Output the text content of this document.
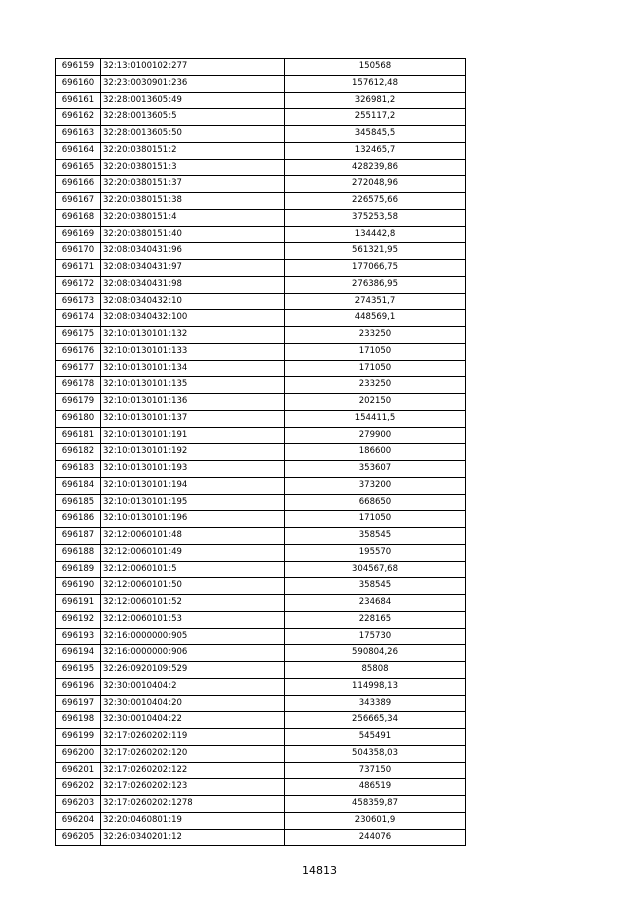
696159	32:13:0100102:277	150568
696160	32:23:0030901:236	157612,48
696161	32:28:0013605:49	326981,2
696162	32:28:0013605:5	255117,2
696163	32:28:0013605:50	345845,5
696164	32:20:0380151:2	132465,7
696165	32:20:0380151:3	428239,86
696166	32:20:0380151:37	272048,96
696167	32:20:0380151:38	226575,66
696168	32:20:0380151:4	375253,58
696169	32:20:0380151:40	134442,8
696170	32:08:0340431:96	561321,95
696171	32:08:0340431:97	177066,75
696172	32:08:0340431:98	276386,95
696173	32:08:0340432:10	274351,7
696174	32:08:0340432:100	448569,1
696175	32:10:0130101:132	233250
696176	32:10:0130101:133	171050
696177	32:10:0130101:134	171050
696178	32:10:0130101:135	233250
696179	32:10:0130101:136	202150
696180	32:10:0130101:137	154411,5
696181	32:10:0130101:191	279900
696182	32:10:0130101:192	186600
696183	32:10:0130101:193	353607
696184	32:10:0130101:194	373200
696185	32:10:0130101:195	668650
696186	32:10:0130101:196	171050
696187	32:12:0060101:48	358545
696188	32:12:0060101:49	195570
696189	32:12:0060101:5	304567,68
696190	32:12:0060101:50	358545
696191	32:12:0060101:52	234684
696192	32:12:0060101:53	228165
696193	32:16:0000000:905	175730
696194	32:16:0000000:906	590804,26
696195	32:26:0920109:529	85808
696196	32:30:0010404:2	114998,13
696197	32:30:0010404:20	343389
696198	32:30:0010404:22	256665,34
696199	32:17:0260202:119	545491
696200	32:17:0260202:120	504358,03
696201	32:17:0260202:122	737150
696202	32:17:0260202:123	486519
696203	32:17:0260202:1278	458359,87
696204	32:20:0460801:19	230601,9
696205	32:26:0340201:12	244076
14813
